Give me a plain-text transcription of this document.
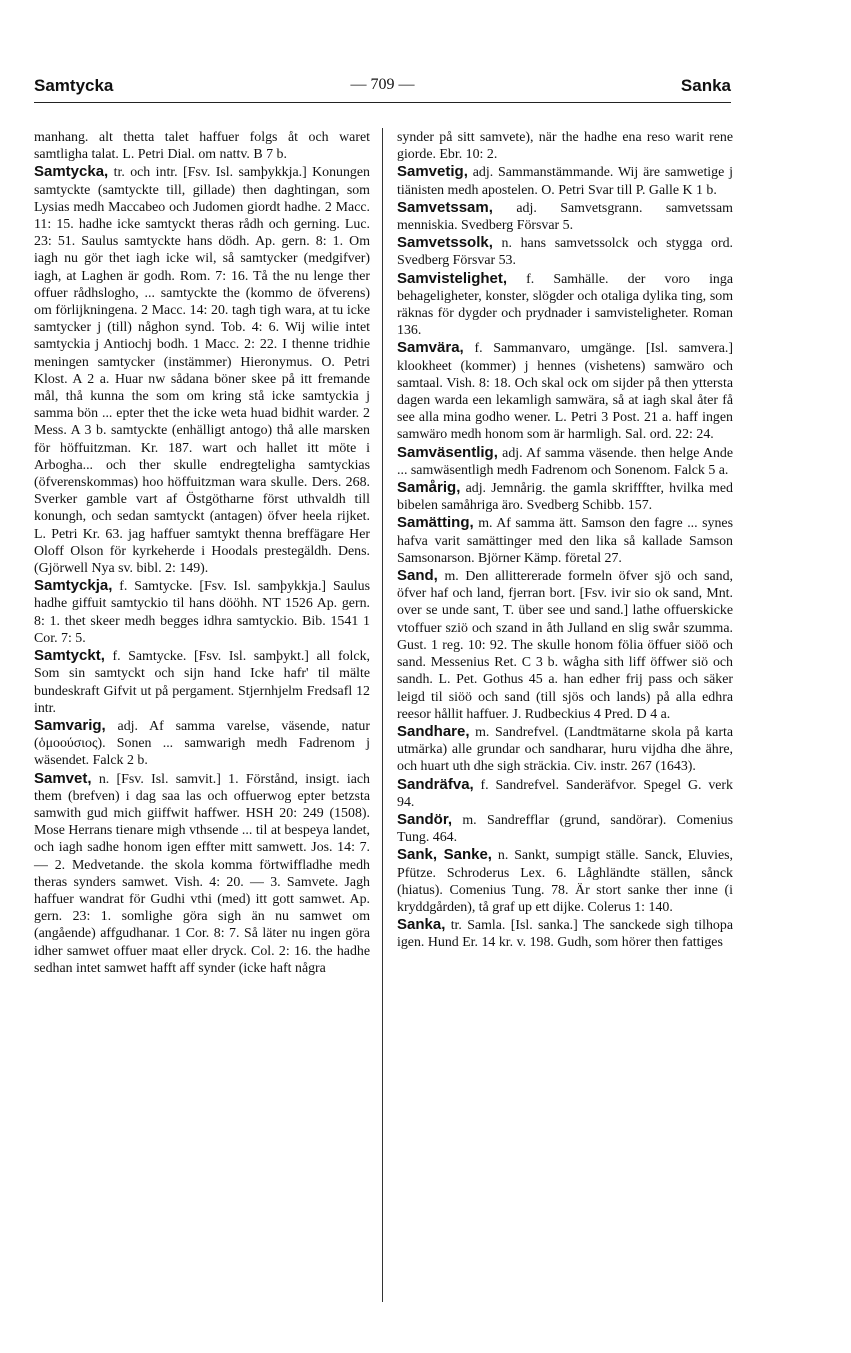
Samtycka	— 709 —	Sanka

manhang. alt thetta talet haffuer folgs åt och waret samtligha talat. L. Petri Dial. om nattv. B 7 b.

Samtycka, tr. och intr. [Fsv. Isl. samþykkja.] Konungen samtyckte (samtyckte till, gillade) then daghtingan, som Lysias medh Maccabeo och Judomen giordt hadhe. 2 Macc. 11: 15. hadhe icke samtyckt theras rådh och gerning. Luc. 23: 51. Saulus samtyckte hans dödh. Ap. gern. 8: 1. Om iagh nu gör thet iagh icke wil, så samtycker (medgifver) iagh, at Laghen är godh. Rom. 7: 16. Tå the nu lenge ther offuer rådhslogho, ... samtyckte the (kommo de öfverens) om förlijkningena. 2 Macc. 14: 20. tagh tigh wara, at tu icke samtycker j (till) någhon synd. Tob. 4: 6. Wij wilie intet samtyckia j Antiochj bodh. 1 Macc. 2: 22. I thenne tridhie meningen samtycker (instämmer) Hieronymus. O. Petri Klost. A 2 a. Huar nw sådana böner skee på itt fremande mål, thå kunna the som om kring stå icke samtyckia j samma bön ... epter thet the icke weta huad bidhit warder. 2 Mess. A 3 b. samtyckte (enhälligt antogo) thå alle marsken för höffuitzman. Kr. 187. wart och hallet itt möte i Arbogha... och ther skulle endregteligha samtyckias (öfverenskommas) hoo höffuitzman wara skulle. Ders. 268. Sverker gamble vart af Östgötharne först uthvaldh till konungh, och sedan samtyckt (antagen) öfver heela rijket. L. Petri Kr. 63. jag haffuer samtykt thenna breffägare Her Oloff Olson för kyrkeherde i Hoodals prestegäldh. Dens. (Gjörwell Nya sv. bibl. 2: 149).

Samtyckja, f. Samtycke. [Fsv. Isl. samþykkja.] Saulus hadhe giffuit samtyckio til hans dööhh. NT 1526 Ap. gern. 8: 1. thet skeer medh begges idhra samtyckio. Bib. 1541 1 Cor. 7: 5.

Samtyckt, f. Samtycke. [Fsv. Isl. samþykt.] all folck, Som sin samtyckt och sijn hand Icke hafr' til mälte bundeskraft Gifvit ut på pergament. Stjernhjelm Fredsafl 12 intr.

Samvarig, adj. Af samma varelse, väsende, natur (ὁμοούσιος). Sonen ... samwarigh medh Fadrenom j wäsendet. Falck 2 b.

Samvet, n. [Fsv. Isl. samvit.] 1. Förstånd, insigt. iach them (brefven) i dag saa las och offuerwog epter betzsta samwith gud mich giiffwit haffwer. HSH 20: 249 (1508). Mose Herrans tienare migh vthsende ... til at bespeya landet, och iagh sadhe honom igen effter mitt samwett. Jos. 14: 7. — 2. Medvetande. the skola komma förtwiffladhe medh theras synders samwet. Vish. 4: 20. — 3. Samvete. Jagh haffuer wandrat för Gudhi vthi (med) itt gott samwet. Ap. gern. 23: 1. somlighe göra sigh än nu samwet om (angående) affgudhanar. 1 Cor. 8: 7. Så läter nu ingen göra idher samwet offuer maat eller dryck. Col. 2: 16. the hadhe sedhan intet samwet hafft aff synder (icke haft några

synder på sitt samvete), när the hadhe ena reso warit rene giorde. Ebr. 10: 2.

Samvetig, adj. Sammanstämmande. Wij äre samwetige j tiänisten medh apostelen. O. Petri Svar till P. Galle K 1 b.

Samvetssam, adj. Samvetsgrann. samvetssam menniskia. Svedberg Försvar 5.

Samvetssolk, n. hans samvetssolck och stygga ord. Svedberg Försvar 53.

Samvistelighet, f. Samhälle. der voro inga behageligheter, konster, slögder och otaliga dylika ting, som räknas för dygder och prydnader i samvisteligheter. Roman 136.

Samvära, f. Sammanvaro, umgänge. [Isl. samvera.] klookheet (kommer) j hennes (vishetens) samwäro och samtaal. Vish. 8: 18. Och skal ock om sijder på then yttersta dagen warda een lekamligh samwära, så at iagh skal åter få see alla mina godho wener. L. Petri 3 Post. 21 a. haff ingen samwäro medh honom som är harmligh. Sal. ord. 22: 24.

Samväsentlig, adj. Af samma väsende. then helge Ande ... samwäsentligh medh Fadrenom och Sonenom. Falck 5 a.

Samårig, adj. Jemnårig. the gamla skrifffter, hvilka med bibelen samåhriga äro. Svedberg Schibb. 157.

Samätting, m. Af samma ätt. Samson den fagre ... synes hafva varit samättinger med den lika så kallade Samson Samsonarson. Björner Kämp. företal 27.

Sand, m. Den allittererade formeln öfver sjö och sand, öfver haf och land, fjerran bort. [Fsv. ivir sio ok sand, Mnt. over se unde sant, T. über see und sand.] lathe offuerskicke vtoffuer sziö och szand in åth Julland en slig swår szumma. Gust. 1 reg. 10: 92. The skulle honom fölia öffuer siöö och sand. Messenius Ret. C 3 b. wågha sith liff öffwer siö och sandh. L. Pet. Gothus 45 a. han edher frij pass och säker leigd til siöö och sand (till sjös och lands) på alla edhra reesor hållit haffuer. J. Rudbeckius 4 Pred. D 4 a.

Sandhare, m. Sandrefvel. (Landtmätarne skola på karta utmärka) alle grundar och sandharar, huru vijdha dhe ähre, och huart uth dhe sigh sträckia. Civ. instr. 267 (1643).

Sandräfva, f. Sandrefvel. Sanderäfvor. Spegel G. verk 94.

Sandör, m. Sandrefflar (grund, sandörar). Comenius Tung. 464.

Sank, Sanke, n. Sankt, sumpigt ställe. Sanck, Eluvies, Pfütze. Schroderus Lex. 6. Låghländte ställen, sånck (hiatus). Comenius Tung. 78. Är stort sanke ther inne (i kryddgården), tå graf up ett dijke. Colerus 1: 140.

Sanka, tr. Samla. [Isl. sanka.] The sanckede sigh tilhopa igen. Hund Er. 14 kr. v. 198. Gudh, som hörer then fattiges
